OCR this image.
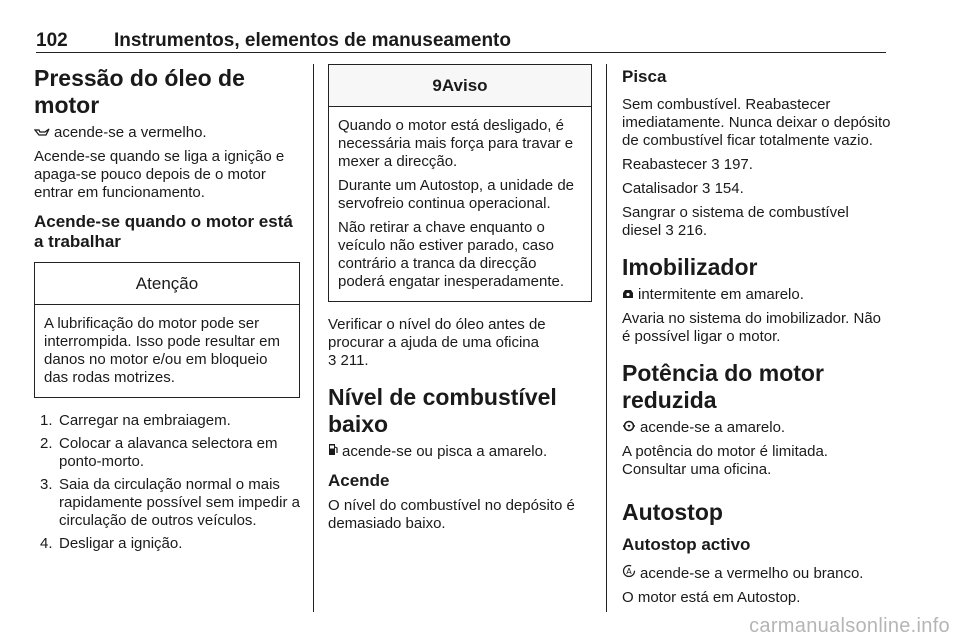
102 Instrumentos, elementos de manuseamento
Pressão do óleo de motor

acende-se a vermelho.

Acende-se quando se liga a ignição e apaga-se pouco depois de o motor entrar em funcionamento.

Acende-se quando o motor está a trabalhar
Atenção

A lubrificação do motor pode ser interrompida. Isso pode resultar em danos no motor e/ou em bloqueio das rodas motrizes.

1. Carregar na embraiagem.
2. Colocar a alavanca selectora em ponto-morto.
3. Saia da circulação normal o mais rapidamente possível sem impedir a circulação de outros veículos.
4. Desligar a ignição.
9Aviso

Quando o motor está desligado, é necessária mais força para travar e mexer a direcção.

Durante um Autostop, a unidade de servofreio continua operacional.

Não retirar a chave enquanto o veículo não estiver parado, caso contrário a tranca da direcção poderá engatar inesperadamente.

Verificar o nível do óleo antes de procurar a ajuda de uma oficina
3 211.

Nível de combustível baixo

acende-se ou pisca a amarelo.

Acende

O nível do combustível no depósito é demasiado baixo.

Pisca

Sem combustível. Reabastecer imediatamente. Nunca deixar o depósito de combustível ficar totalmente vazio.

Reabastecer 3 197.

Catalisador 3 154.

Sangrar o sistema de combustível diesel 3 216.

Imobilizador

intermitente em amarelo.

Avaria no sistema do imobilizador. Não é possível ligar o motor.

Potência do motor reduzida

acende-se a amarelo.

A potência do motor é limitada. Consultar uma oficina.

Autostop
Autostop activo

A acende-se a vermelho ou branco.

O motor está em Autostop.

carmanualsonline.info
